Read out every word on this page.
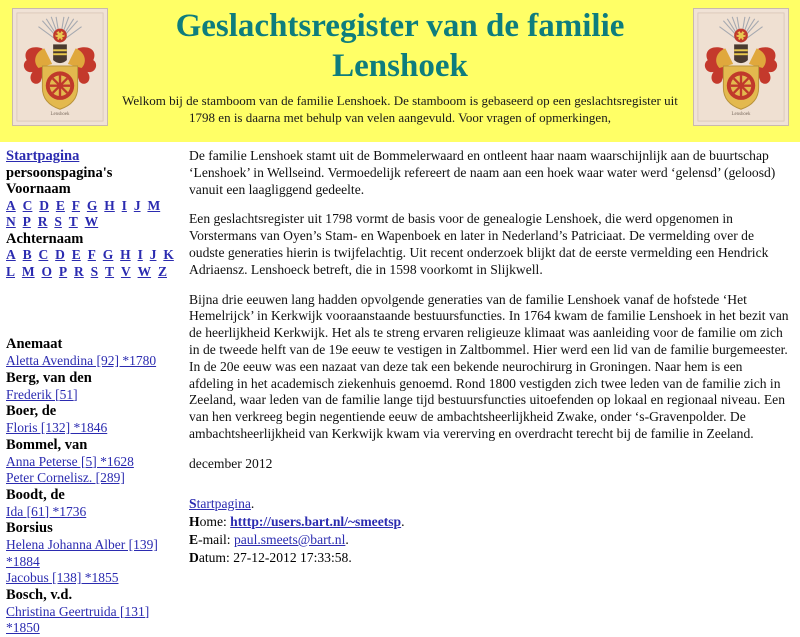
Lenshoek
Geslachtsregister van de familie Lenshoek

Welkom bij de stamboom van de familie Lenshoek. De stamboom is gebaseerd op een geslachtsregister uit 1798 en is daarna met behulp van velen aangevuld. Voor vragen of opmerkingen,	Lenshoek
Startpagina
persoonspagina's
Voornaam
A C D E F G H I J M N P R S T W
Achternaam
A B C D E F G H I J K L M O P R S T V W Z
Anemaat
Aletta Avendina [92] *1780
Berg, van den
Frederik [51]
Boer, de
Floris [132] *1846
Bommel, van
Anna Peterse [5] *1628
Peter Cornelisz. [289]
Boodt, de
Ida [61] *1736
Borsius
Helena Johanna Alber [139] *1884
Jacobus [138] *1855
Bosch, v.d.
Christina Geertruida [131] *1850

De familie Lenshoek stamt uit de Bommelerwaard en ontleent haar naam waarschijnlijk aan de buurtschap ‘Lenshoek’ in Wellseind. Vermoedelijk refereert de naam aan een hoek waar water werd ‘gelensd’ (geloosd) vanuit een laagliggend gedeelte.

Een geslachtsregister uit 1798 vormt de basis voor de genealogie Lenshoek, die werd opgenomen in Vorstermans van Oyen’s Stam- en Wapenboek en later in Nederland’s Patriciaat. De vermelding over de oudste generaties hierin is twijfelachtig. Uit recent onderzoek blijkt dat de eerste vermelding een Hendrick Adriaensz. Lenshoeck betreft, die in 1598 voorkomt in Slijkwell.

Bijna drie eeuwen lang hadden opvolgende generaties van de familie Lenshoek vanaf de hofstede ‘Het Hemelrijck’ in Kerkwijk vooraanstaande bestuursfuncties. In 1764 kwam de familie Lenshoek in het bezit van de heerlijkheid Kerkwijk. Het als te streng ervaren religieuze klimaat was aanleiding voor de familie om zich in de tweede helft van de 19e eeuw te vestigen in Zaltbommel. Hier werd een lid van de familie burgemeester. In de 20e eeuw was een nazaat van deze tak een bekende neurochirurg in Groningen. Naar hem is een afdeling in het academisch ziekenhuis genoemd. Rond 1800 vestigden zich twee leden van de familie zich in Zeeland, waar leden van de familie lange tijd bestuursfuncties uitoefenden op lokaal en regionaal niveau. Een van hen verkreeg begin negentiende eeuw de ambachtsheerlijkheid Zwake, onder ‘s-Gravenpolder. De ambachtsheerlijkheid van Kerkwijk kwam via vererving en overdracht terecht bij de familie in Zeeland.

december 2012

Startpagina.
Home: htttp://users.bart.nl/~smeetsp.
E-mail: paul.smeets@bart.nl.
Datum: 27-12-2012 17:33:58.
